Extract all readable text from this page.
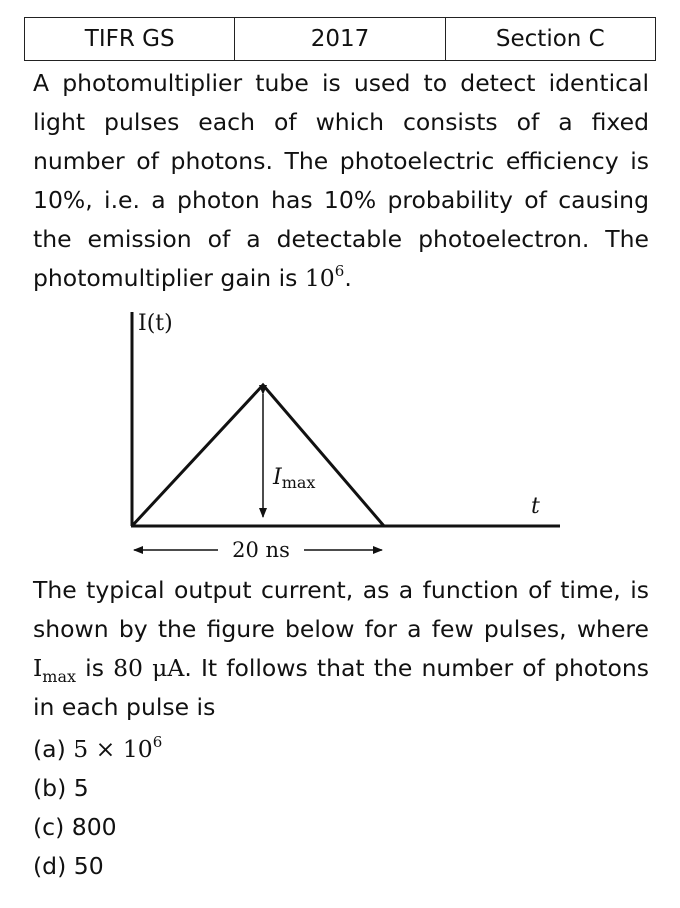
TIFR GS	2017	Section C

A photomultiplier tube is used to detect identical light pulses each of which consists of a fixed number of photons. The photoelectric efficiency is 10%, i.e. a photon has 10% probability of causing the emission of a detectable photoelectron. The photomultiplier gain is $10^6$.

I(t)
t
Imax
20 ns

The typical output current, as a function of time, is shown by the figure below for a few pulses, where $I_{max}$ is 80 μA. It follows that the number of photons in each pulse is

(a) $5 \times 10^6$
(b) 5
(c) 800
(d) 50
